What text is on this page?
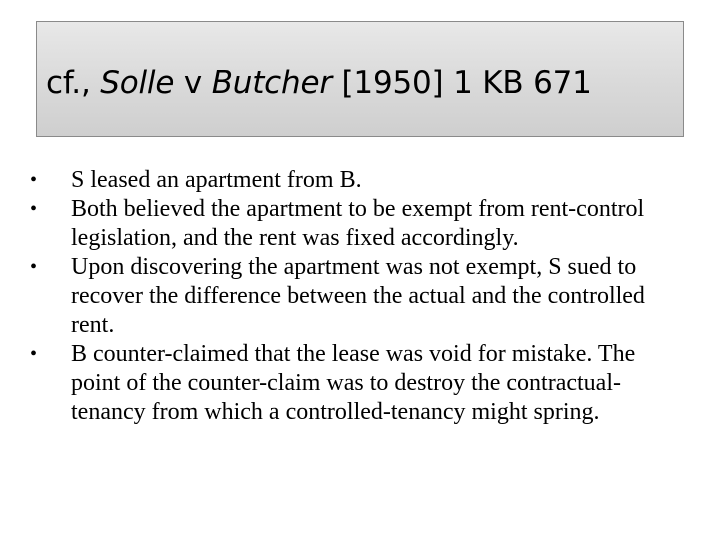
cf., Solle v Butcher [1950] 1 KB 671
•	S leased an apartment from B.
•	Both believed the apartment to be exempt from rent-control legislation, and the rent was fixed accordingly.
•	Upon discovering the apartment was not exempt, S sued to recover the difference between the actual and the controlled rent.
•	B counter-claimed that the lease was void for mistake. The point of the counter-claim was to destroy the contractual-tenancy from which a controlled-tenancy might spring.
